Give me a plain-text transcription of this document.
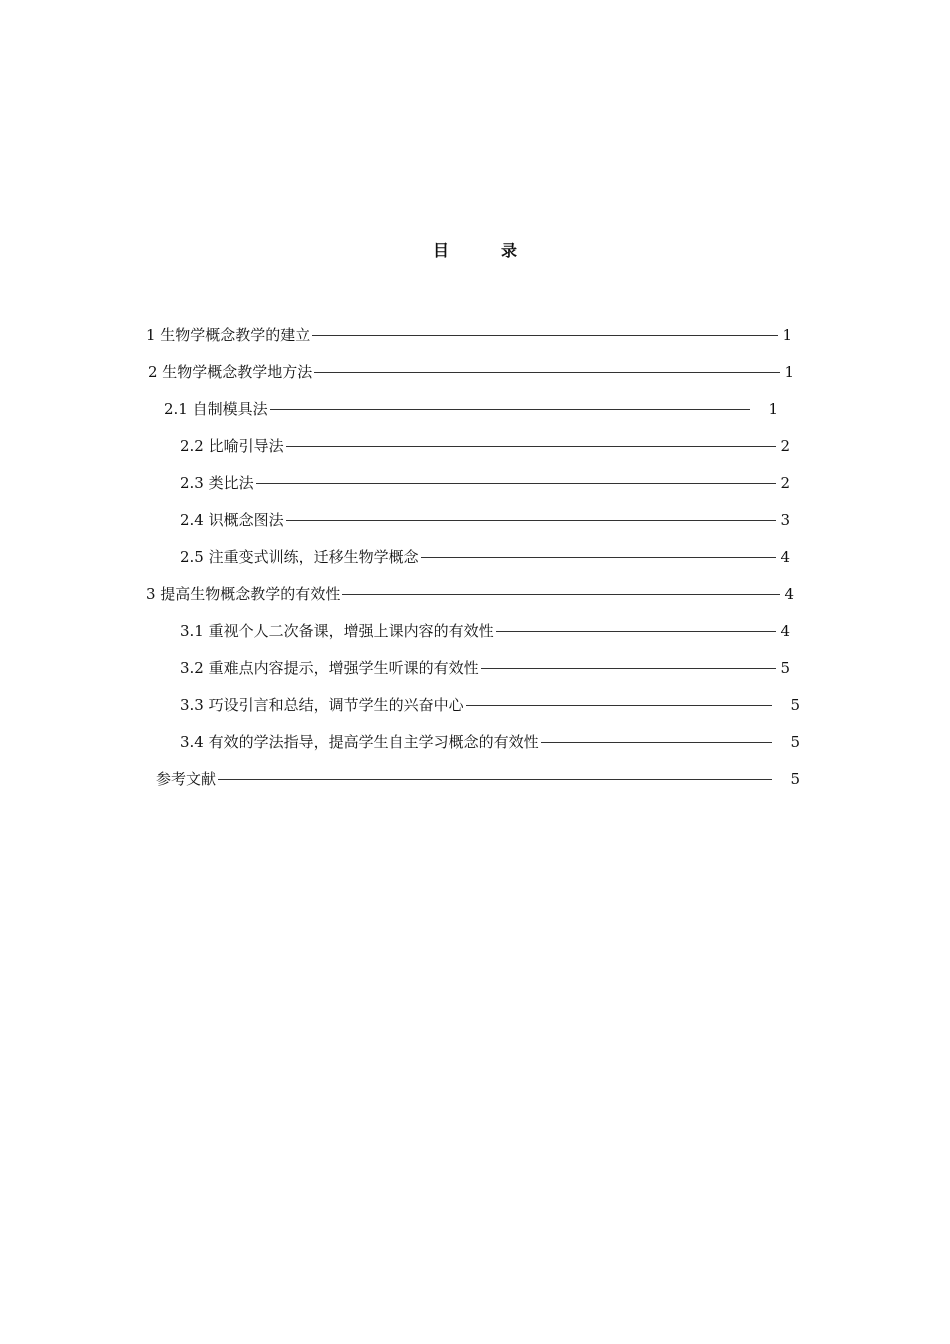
目　录
1 生物学概念教学的建立	1
2 生物学概念教学地方法	1
2.1 自制模具法	1
2.2 比喻引导法	2
2.3 类比法	2
2.4 识概念图法	3
2.5 注重变式训练，迁移生物学概念	4
3 提高生物概念教学的有效性	4
3.1 重视个人二次备课，增强上课内容的有效性	4
3.2 重难点内容提示，增强学生听课的有效性	5
3.3 巧设引言和总结，调节学生的兴奋中心	5
3.4 有效的学法指导，提高学生自主学习概念的有效性	5
参考文献	5
